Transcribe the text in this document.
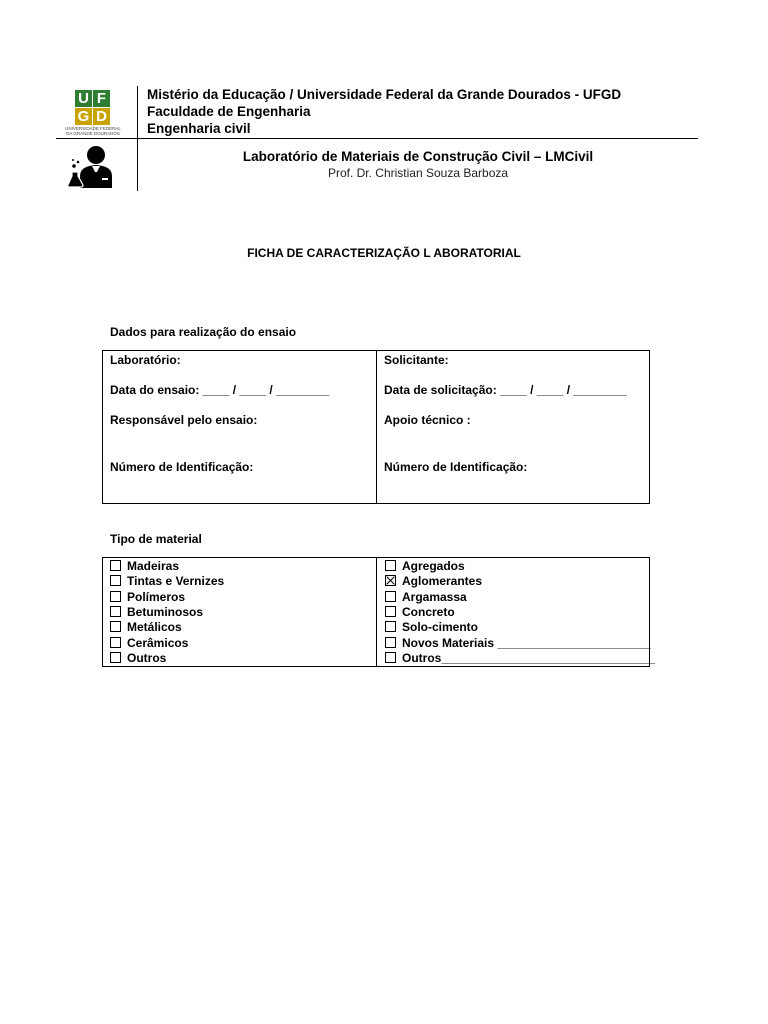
U F
G D
UNIVERSIDADE FEDERAL DA GRANDE DOURADOS
Mistério da Educação / Universidade Federal da Grande Dourados - UFGD
Faculdade de Engenharia
Engenharia civil
Laboratório de Materiais de Construção Civil – LMCivil
Prof. Dr. Christian Souza Barboza
FICHA DE CARACTERIZAÇÃO L ABORATORIAL
Dados para realização do ensaio
Laboratório:
Data do ensaio: ____ / ____ / ________
Responsável pelo ensaio:
Número de Identificação:
Solicitante:
Data de solicitação: ____ / ____ / ________
Apoio técnico :
Número de Identificação:
Tipo de material
Madeiras
Tintas e Vernizes
Polímeros
Betuminosos
Metálicos
Cerâmicos
Outros
Agregados
Aglomerantes
Argamassa
Concreto
Solo-cimento
Novos Materiais _______________________
Outros________________________________
